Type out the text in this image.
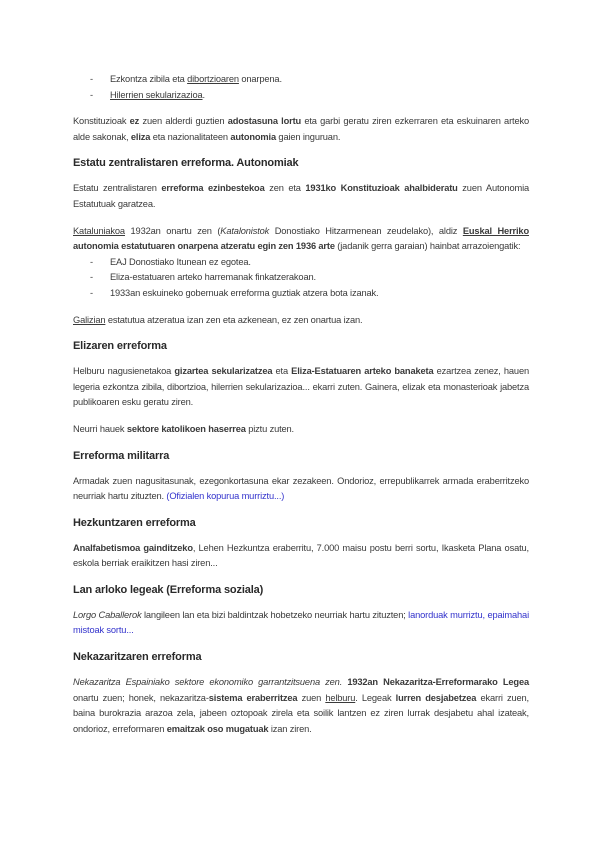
- Ezkontza zibila eta dibortzioaren onarpena.
- Hilerrien sekularizazioa.

Konstituzioak ez zuen alderdi guztien adostasuna lortu eta garbi geratu ziren ezkerraren eta eskuinaren arteko alde sakonak, eliza eta nazionalitateen autonomia gaien inguruan.

Estatu zentralistaren erreforma. Autonomiak

Estatu zentralistaren erreforma ezinbestekoa zen eta 1931ko Konstituzioak ahalbideratu zuen Autonomia Estatutuak garatzea.

Kataluniakoa 1932an onartu zen (Katalonistok Donostiako Hitzarmenean zeudelako), aldiz Euskal Herriko autonomia estatutuaren onarpena atzeratu egin zen 1936 arte (jadanik gerra garaian) hainbat arrazoiengatik:

- EAJ Donostiako Itunean ez egotea.
- Eliza-estatuaren arteko harremanak finkatzerakoan.
- 1933an eskuineko gobernuak erreforma guztiak atzera bota izanak.

Galizian estatutua atzeratua izan zen eta azkenean, ez zen onartua izan.

Elizaren erreforma

Helburu nagusienetakoa gizartea sekularizatzea eta Eliza-Estatuaren arteko banaketa ezartzea zenez, hauen legeria ezkontza zibila, dibortzioa, hilerrien sekularizazioa... ekarri zuten. Gainera, elizak eta monasterioak jabetza publikoaren esku geratu ziren.

Neurri hauek sektore katolikoen haserrea piztu zuten.

Erreforma militarra

Armadak zuen nagusitasunak, ezegonkortasuna ekar zezakeen. Ondorioz, errepublikarrek armada eraberritzeko neurriak hartu zituzten. (Ofizialen kopurua murriztu...)

Hezkuntzaren erreforma

Analfabetismoa gainditzeko, Lehen Hezkuntza eraberritu, 7.000 maisu postu berri sortu, Ikasketa Plana osatu, eskola berriak eraikitzen hasi ziren...

Lan arloko legeak (Erreforma soziala)

Lorgo Caballerok langileen lan eta bizi baldintzak hobetzeko neurriak hartu zituzten; lanorduak murriztu, epaimahai mistoak sortu...

Nekazaritzaren erreforma

Nekazaritza Espainiako sektore ekonomiko garrantzitsuena zen. 1932an Nekazaritza-Erreformarako Legea onartu zuen; honek, nekazaritza-sistema eraberritzea zuen helburu. Legeak lurren desjabetzea ekarri zuen, baina burokrazia arazoa zela, jabeen oztopoak zirela eta soilik lantzen ez ziren lurrak desjabetu ahal izateak, ondorioz, erreformaren emaitzak oso mugatuak izan ziren.
